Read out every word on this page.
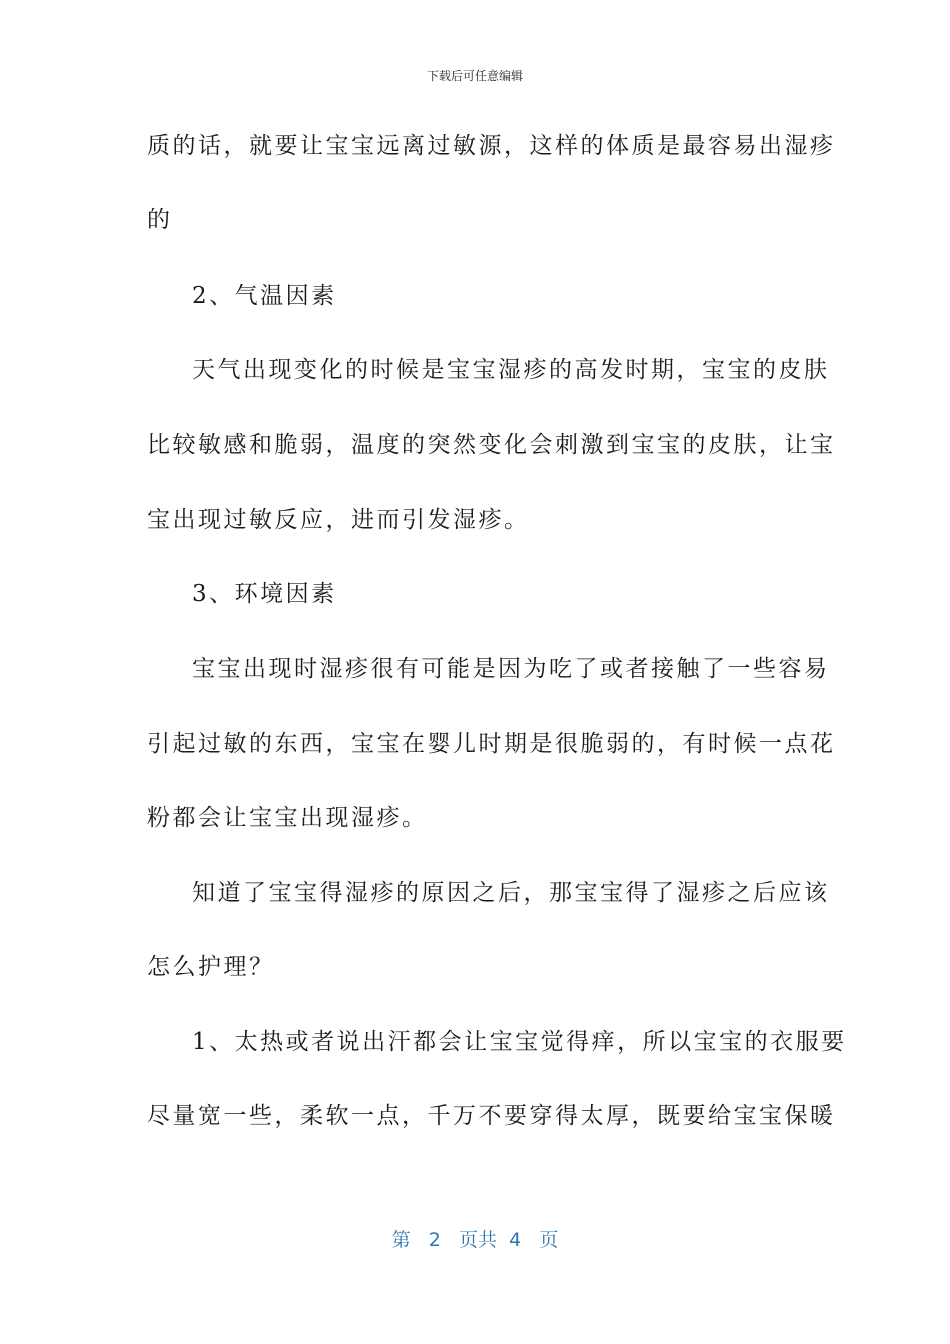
下载后可任意编辑
质的话，就要让宝宝远离过敏源，这样的体质是最容易出湿疹
的
2、气温因素
天气出现变化的时候是宝宝湿疹的高发时期，宝宝的皮肤
比较敏感和脆弱，温度的突然变化会刺激到宝宝的皮肤，让宝
宝出现过敏反应，进而引发湿疹。
3、环境因素
宝宝出现时湿疹很有可能是因为吃了或者接触了一些容易
引起过敏的东西，宝宝在婴儿时期是很脆弱的，有时候一点花
粉都会让宝宝出现湿疹。
知道了宝宝得湿疹的原因之后，那宝宝得了湿疹之后应该
怎么护理？
1、太热或者说出汗都会让宝宝觉得痒，所以宝宝的衣服要
尽量宽一些，柔软一点，千万不要穿得太厚，既要给宝宝保暖
第 2 页共 4 页
